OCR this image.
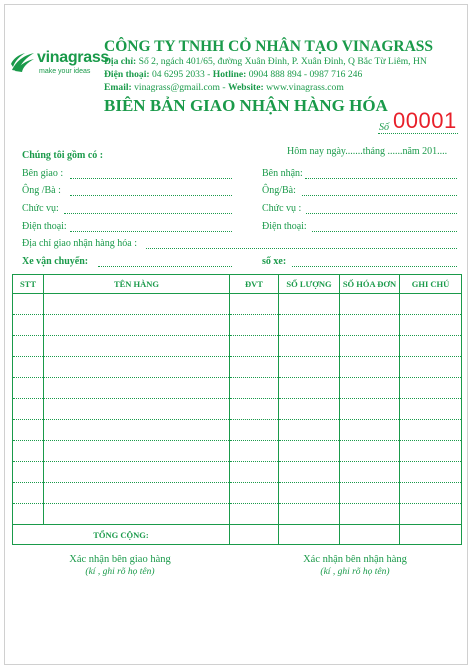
vinagrass
make your ideas
CÔNG TY TNHH CỎ NHÂN TẠO VINAGRASS
Địa chỉ: Số 2, ngách 401/65, đường Xuân Đỉnh, P. Xuân Đỉnh, Q Bắc Từ Liêm, HN
Điện thoại: 04 6295 2033 - Hotline: 0904 888 894 - 0987 716 246
Email: vinagrass@gmail.com - Website: www.vinagrass.com
BIÊN BẢN GIAO NHẬN HÀNG HÓA
Số 00001
Chúng tôi gồm có :	Hôm nay ngày.......tháng ......năm 201....
Bên giao :	Bên nhận:
Ông /Bà :	Ông/Bà:
Chức vụ:	Chức vụ :
Điện thoại:	Điện thoại:
Địa chỉ giao nhận hàng hóa :
Xe vận chuyển:	số xe:
STT	TÊN HÀNG	ĐVT	SỐ LƯỢNG	SỐ HÓA ĐƠN	GHI CHÚ

TỔNG CỘNG:					
Xác nhận bên giao hàng
(kí , ghi rõ họ tên)
Xác nhận bên nhận hàng
(kí , ghi rõ họ tên)
